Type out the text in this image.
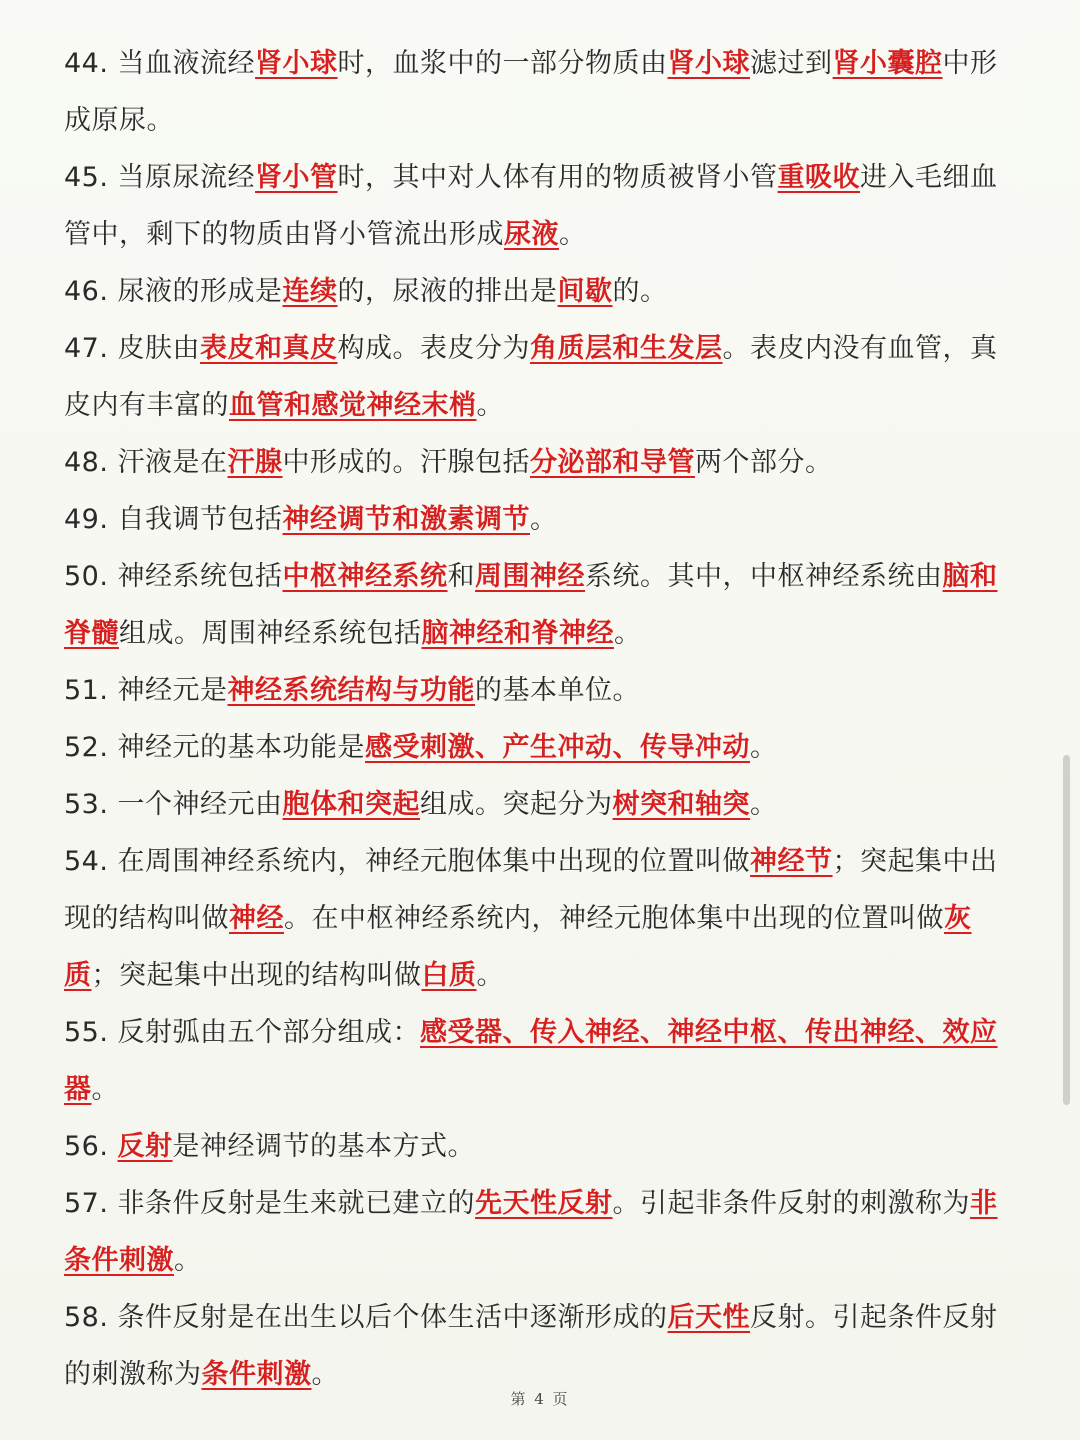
44. 当血液流经肾小球时，血浆中的一部分物质由肾小球滤过到肾小囊腔中形成原尿。

45. 当原尿流经肾小管时，其中对人体有用的物质被肾小管重吸收进入毛细血管中，剩下的物质由肾小管流出形成尿液。

46. 尿液的形成是连续的，尿液的排出是间歇的。

47. 皮肤由表皮和真皮构成。表皮分为角质层和生发层。表皮内没有血管，真皮内有丰富的血管和感觉神经末梢。

48. 汗液是在汗腺中形成的。汗腺包括分泌部和导管两个部分。

49. 自我调节包括神经调节和激素调节。

50. 神经系统包括中枢神经系统和周围神经系统。其中，中枢神经系统由脑和脊髓组成。周围神经系统包括脑神经和脊神经。

51. 神经元是神经系统结构与功能的基本单位。

52. 神经元的基本功能是感受刺激、产生冲动、传导冲动。

53. 一个神经元由胞体和突起组成。突起分为树突和轴突。

54. 在周围神经系统内，神经元胞体集中出现的位置叫做神经节；突起集中出现的结构叫做神经。在中枢神经系统内，神经元胞体集中出现的位置叫做灰质；突起集中出现的结构叫做白质。

55. 反射弧由五个部分组成：感受器、传入神经、神经中枢、传出神经、效应器。

56. 反射是神经调节的基本方式。

57. 非条件反射是生来就已建立的先天性反射。引起非条件反射的刺激称为非条件刺激。

58. 条件反射是在出生以后个体生活中逐渐形成的后天性反射。引起条件反射的刺激称为条件刺激。

第 4 页
